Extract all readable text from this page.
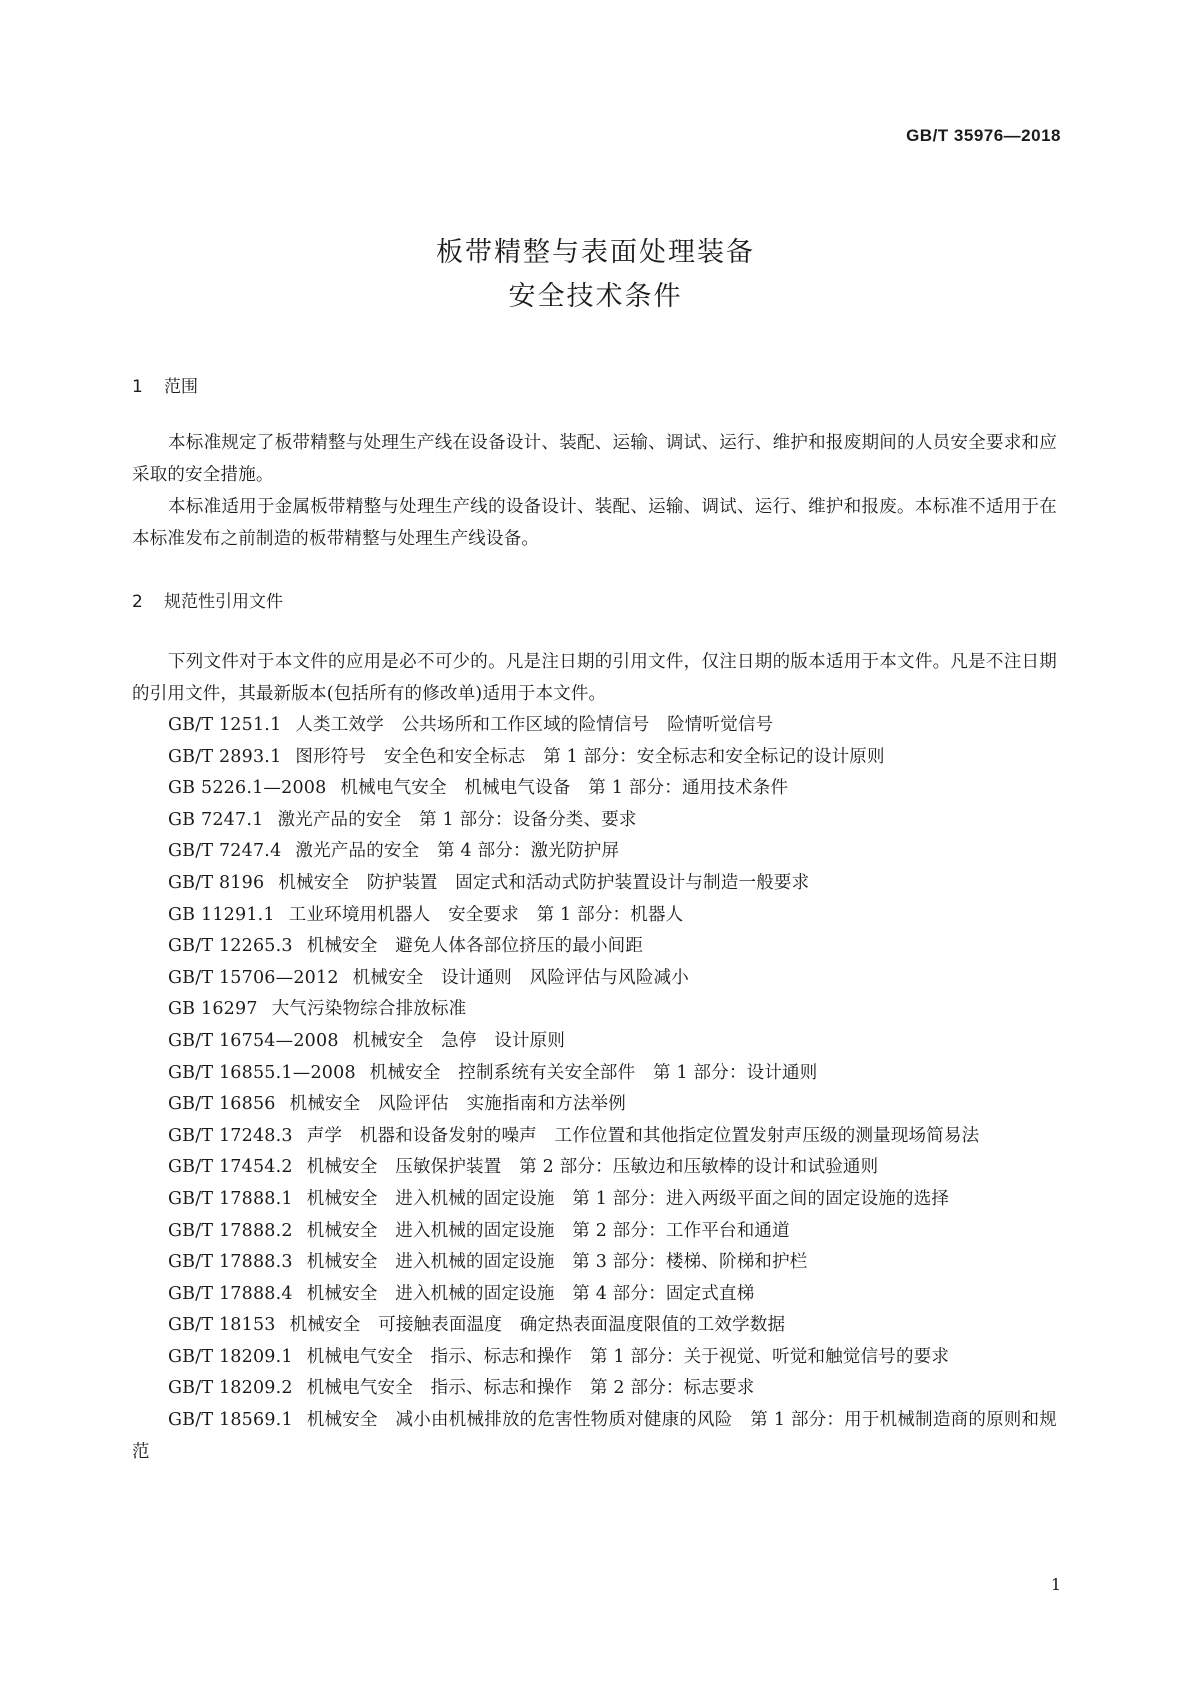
GB/T 35976—2018
板带精整与表面处理装备
安全技术条件
1 范围
本标准规定了板带精整与处理生产线在设备设计、装配、运输、调试、运行、维护和报废期间的人员安全要求和应采取的安全措施。
本标准适用于金属板带精整与处理生产线的设备设计、装配、运输、调试、运行、维护和报废。本标准不适用于在本标准发布之前制造的板带精整与处理生产线设备。
2 规范性引用文件
下列文件对于本文件的应用是必不可少的。凡是注日期的引用文件，仅注日期的版本适用于本文件。凡是不注日期的引用文件，其最新版本(包括所有的修改单)适用于本文件。
GB/T 1251.1 人类工效学　公共场所和工作区域的险情信号　险情听觉信号
GB/T 2893.1 图形符号　安全色和安全标志　第 1 部分：安全标志和安全标记的设计原则
GB 5226.1—2008 机械电气安全　机械电气设备　第 1 部分：通用技术条件
GB 7247.1 激光产品的安全　第 1 部分：设备分类、要求
GB/T 7247.4 激光产品的安全　第 4 部分：激光防护屏
GB/T 8196 机械安全　防护装置　固定式和活动式防护装置设计与制造一般要求
GB 11291.1 工业环境用机器人　安全要求　第 1 部分：机器人
GB/T 12265.3 机械安全　避免人体各部位挤压的最小间距
GB/T 15706—2012 机械安全　设计通则　风险评估与风险减小
GB 16297 大气污染物综合排放标准
GB/T 16754—2008 机械安全　急停　设计原则
GB/T 16855.1—2008 机械安全　控制系统有关安全部件　第 1 部分：设计通则
GB/T 16856 机械安全　风险评估　实施指南和方法举例
GB/T 17248.3 声学　机器和设备发射的噪声　工作位置和其他指定位置发射声压级的测量现场简易法
GB/T 17454.2 机械安全　压敏保护装置　第 2 部分：压敏边和压敏棒的设计和试验通则
GB/T 17888.1 机械安全　进入机械的固定设施　第 1 部分：进入两级平面之间的固定设施的选择
GB/T 17888.2 机械安全　进入机械的固定设施　第 2 部分：工作平台和通道
GB/T 17888.3 机械安全　进入机械的固定设施　第 3 部分：楼梯、阶梯和护栏
GB/T 17888.4 机械安全　进入机械的固定设施　第 4 部分：固定式直梯
GB/T 18153 机械安全　可接触表面温度　确定热表面温度限值的工效学数据
GB/T 18209.1 机械电气安全　指示、标志和操作　第 1 部分：关于视觉、听觉和触觉信号的要求
GB/T 18209.2 机械电气安全　指示、标志和操作　第 2 部分：标志要求
GB/T 18569.1 机械安全　减小由机械排放的危害性物质对健康的风险　第 1 部分：用于机械制造商的原则和规范
1
